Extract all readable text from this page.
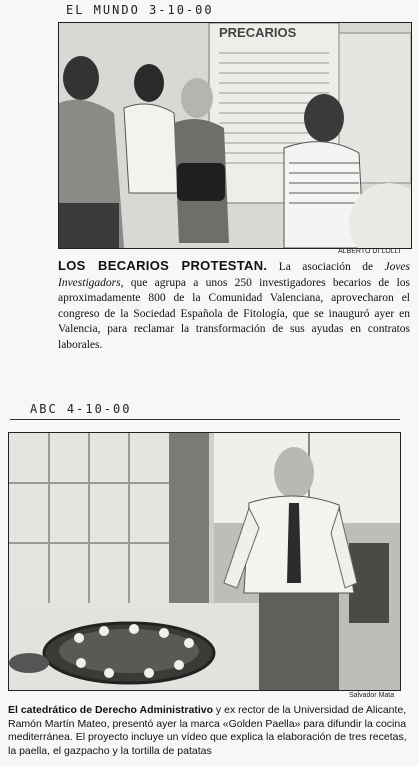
EL MUNDO 3-10-00
PRECARIOS
ALBERTO DI LOLLI
LOS BECARIOS PROTESTAN. La asociación de Joves Investigadors, que agrupa a unos 250 investigadores becarios de los aproximadamente 800 de la Comunidad Valenciana, aprovecharon el congreso de la Sociedad Española de Fitología, que se inauguró ayer en Valencia, para reclamar la transformación de sus ayudas en contratos laborales.
ABC 4-10-00
Salvador Mata
El catedrático de Derecho Administrativo y ex rector de la Universidad de Alicante, Ramón Martín Mateo, presentó ayer la marca «Golden Paella» para difundir la cocina mediterránea. El proyecto incluye un vídeo que explica la elaboración de tres recetas, la paella, el gazpacho y la tortilla de patatas
